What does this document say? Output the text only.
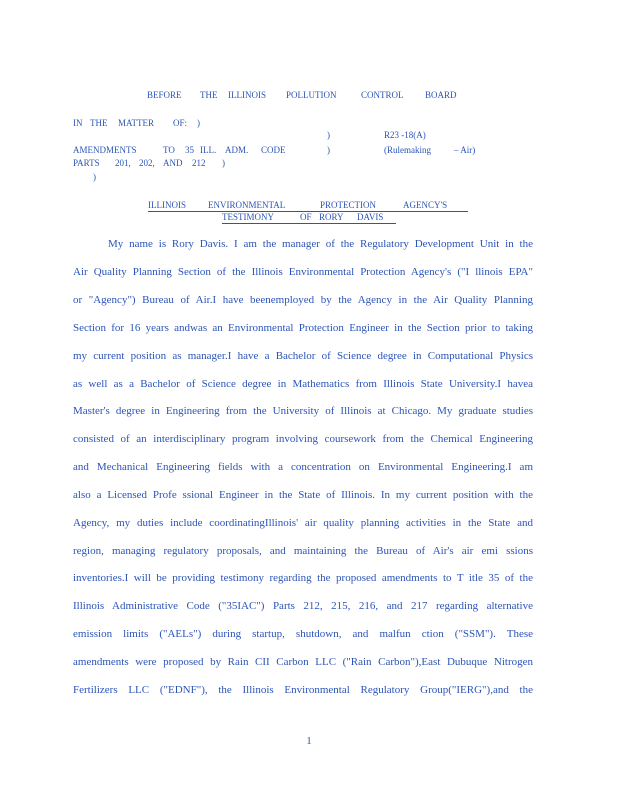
BEFORE THE ILLINOIS POLLUTION	CONTROL BOARD
IN THE MATTER OF: )
)	R23 -18(A)
AMENDMENTS	TO 35 ILL. ADM. CODE	)	(Rulemaking	– Air)
PARTS 201, 202, AND 212 )
)
ILLINOIS ENVIRONMENTAL	PROTECTION	AGENCY'S
TESTIMONY	OF RORY DAVIS
My name is Rory Davis. I am the manager of the Regulatory Development Unit in the
Air Quality Planning Section of the Illinois Environmental Protection Agency's ("I llinois EPA"
or "Agency") Bureau of Air.I have beenemployed by the Agency in the Air Quality Planning
Section for 16 years andwas an Environmental Protection Engineer in the Section prior to taking
my current position as manager.I have a Bachelor of Science degree in Computational Physics
as well as a Bachelor of Science degree in Mathematics from Illinois State University.I havea
Master's degree in Engineering from the University of Illinois at Chicago. My graduate studies
consisted of an interdisciplinary program involving coursework from the Chemical Engineering
and Mechanical Engineering fields with a concentration on Environmental Engineering.I am
also a Licensed Profe ssional Engineer in the State of Illinois. In my current position with the
Agency, my duties include coordinatingIllinois' air quality planning activities in the State and
region, managing regulatory proposals, and maintaining the Bureau of Air's air emi ssions
inventories.I will be providing testimony regarding the proposed amendments to T itle 35 of the
Illinois Administrative Code ("35IAC") Parts 212, 215, 216, and 217 regarding alternative
emission limits ("AELs") during startup, shutdown, and malfun ction ("SSM"). These
amendments were proposed by Rain CII Carbon LLC ("Rain Carbon"),East Dubuque Nitrogen
Fertilizers LLC ("EDNF"), the Illinois Environmental Regulatory Group("IERG"),and the
1
